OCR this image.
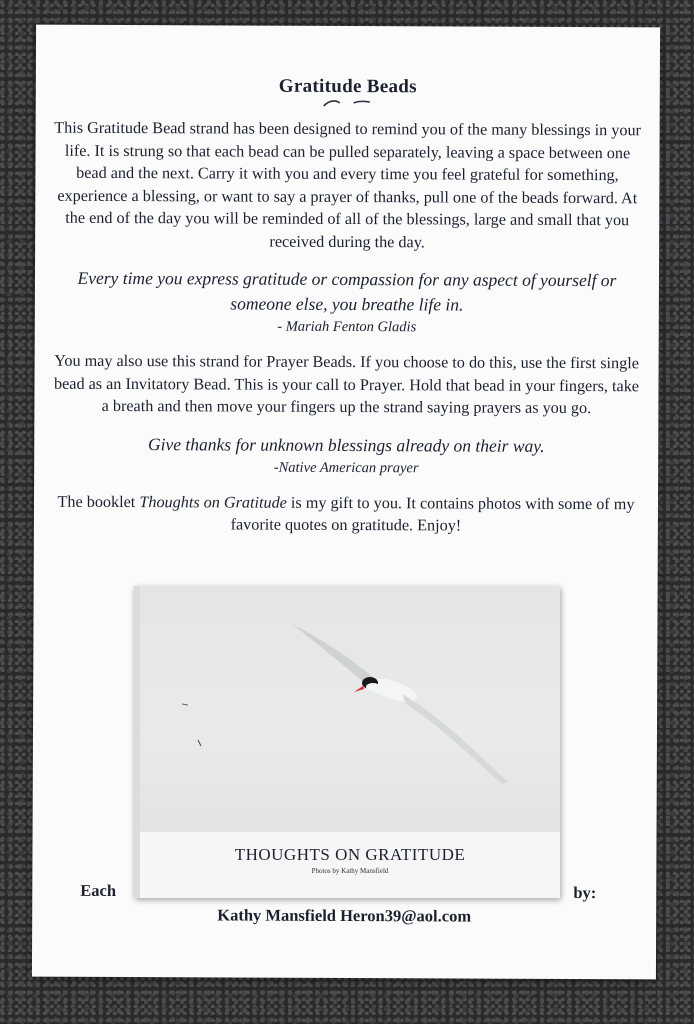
Gratitude Beads

This Gratitude Bead strand has been designed to remind you of the many blessings in your life. It is strung so that each bead can be pulled separately, leaving a space between one bead and the next. Carry it with you and every time you feel grateful for something, experience a blessing, or want to say a prayer of thanks, pull one of the beads forward. At the end of the day you will be reminded of all of the blessings, large and small that you received during the day.

Every time you express gratitude or compassion for any aspect of yourself or someone else, you breathe life in.

- Mariah Fenton Gladis

You may also use this strand for Prayer Beads. If you choose to do this, use the first single bead as an Invitatory Bead. This is your call to Prayer. Hold that bead in your fingers, take a breath and then move your fingers up the strand saying prayers as you go.

Give thanks for unknown blessings already on their way.

-Native American prayer

The booklet Thoughts on Gratitude is my gift to you. It contains photos with some of my favorite quotes on gratitude. Enjoy!

Each	by:
Kathy Mansfield Heron39@aol.com
THOUGHTS ON GRATITUDE
Photos by Kathy Mansfield
